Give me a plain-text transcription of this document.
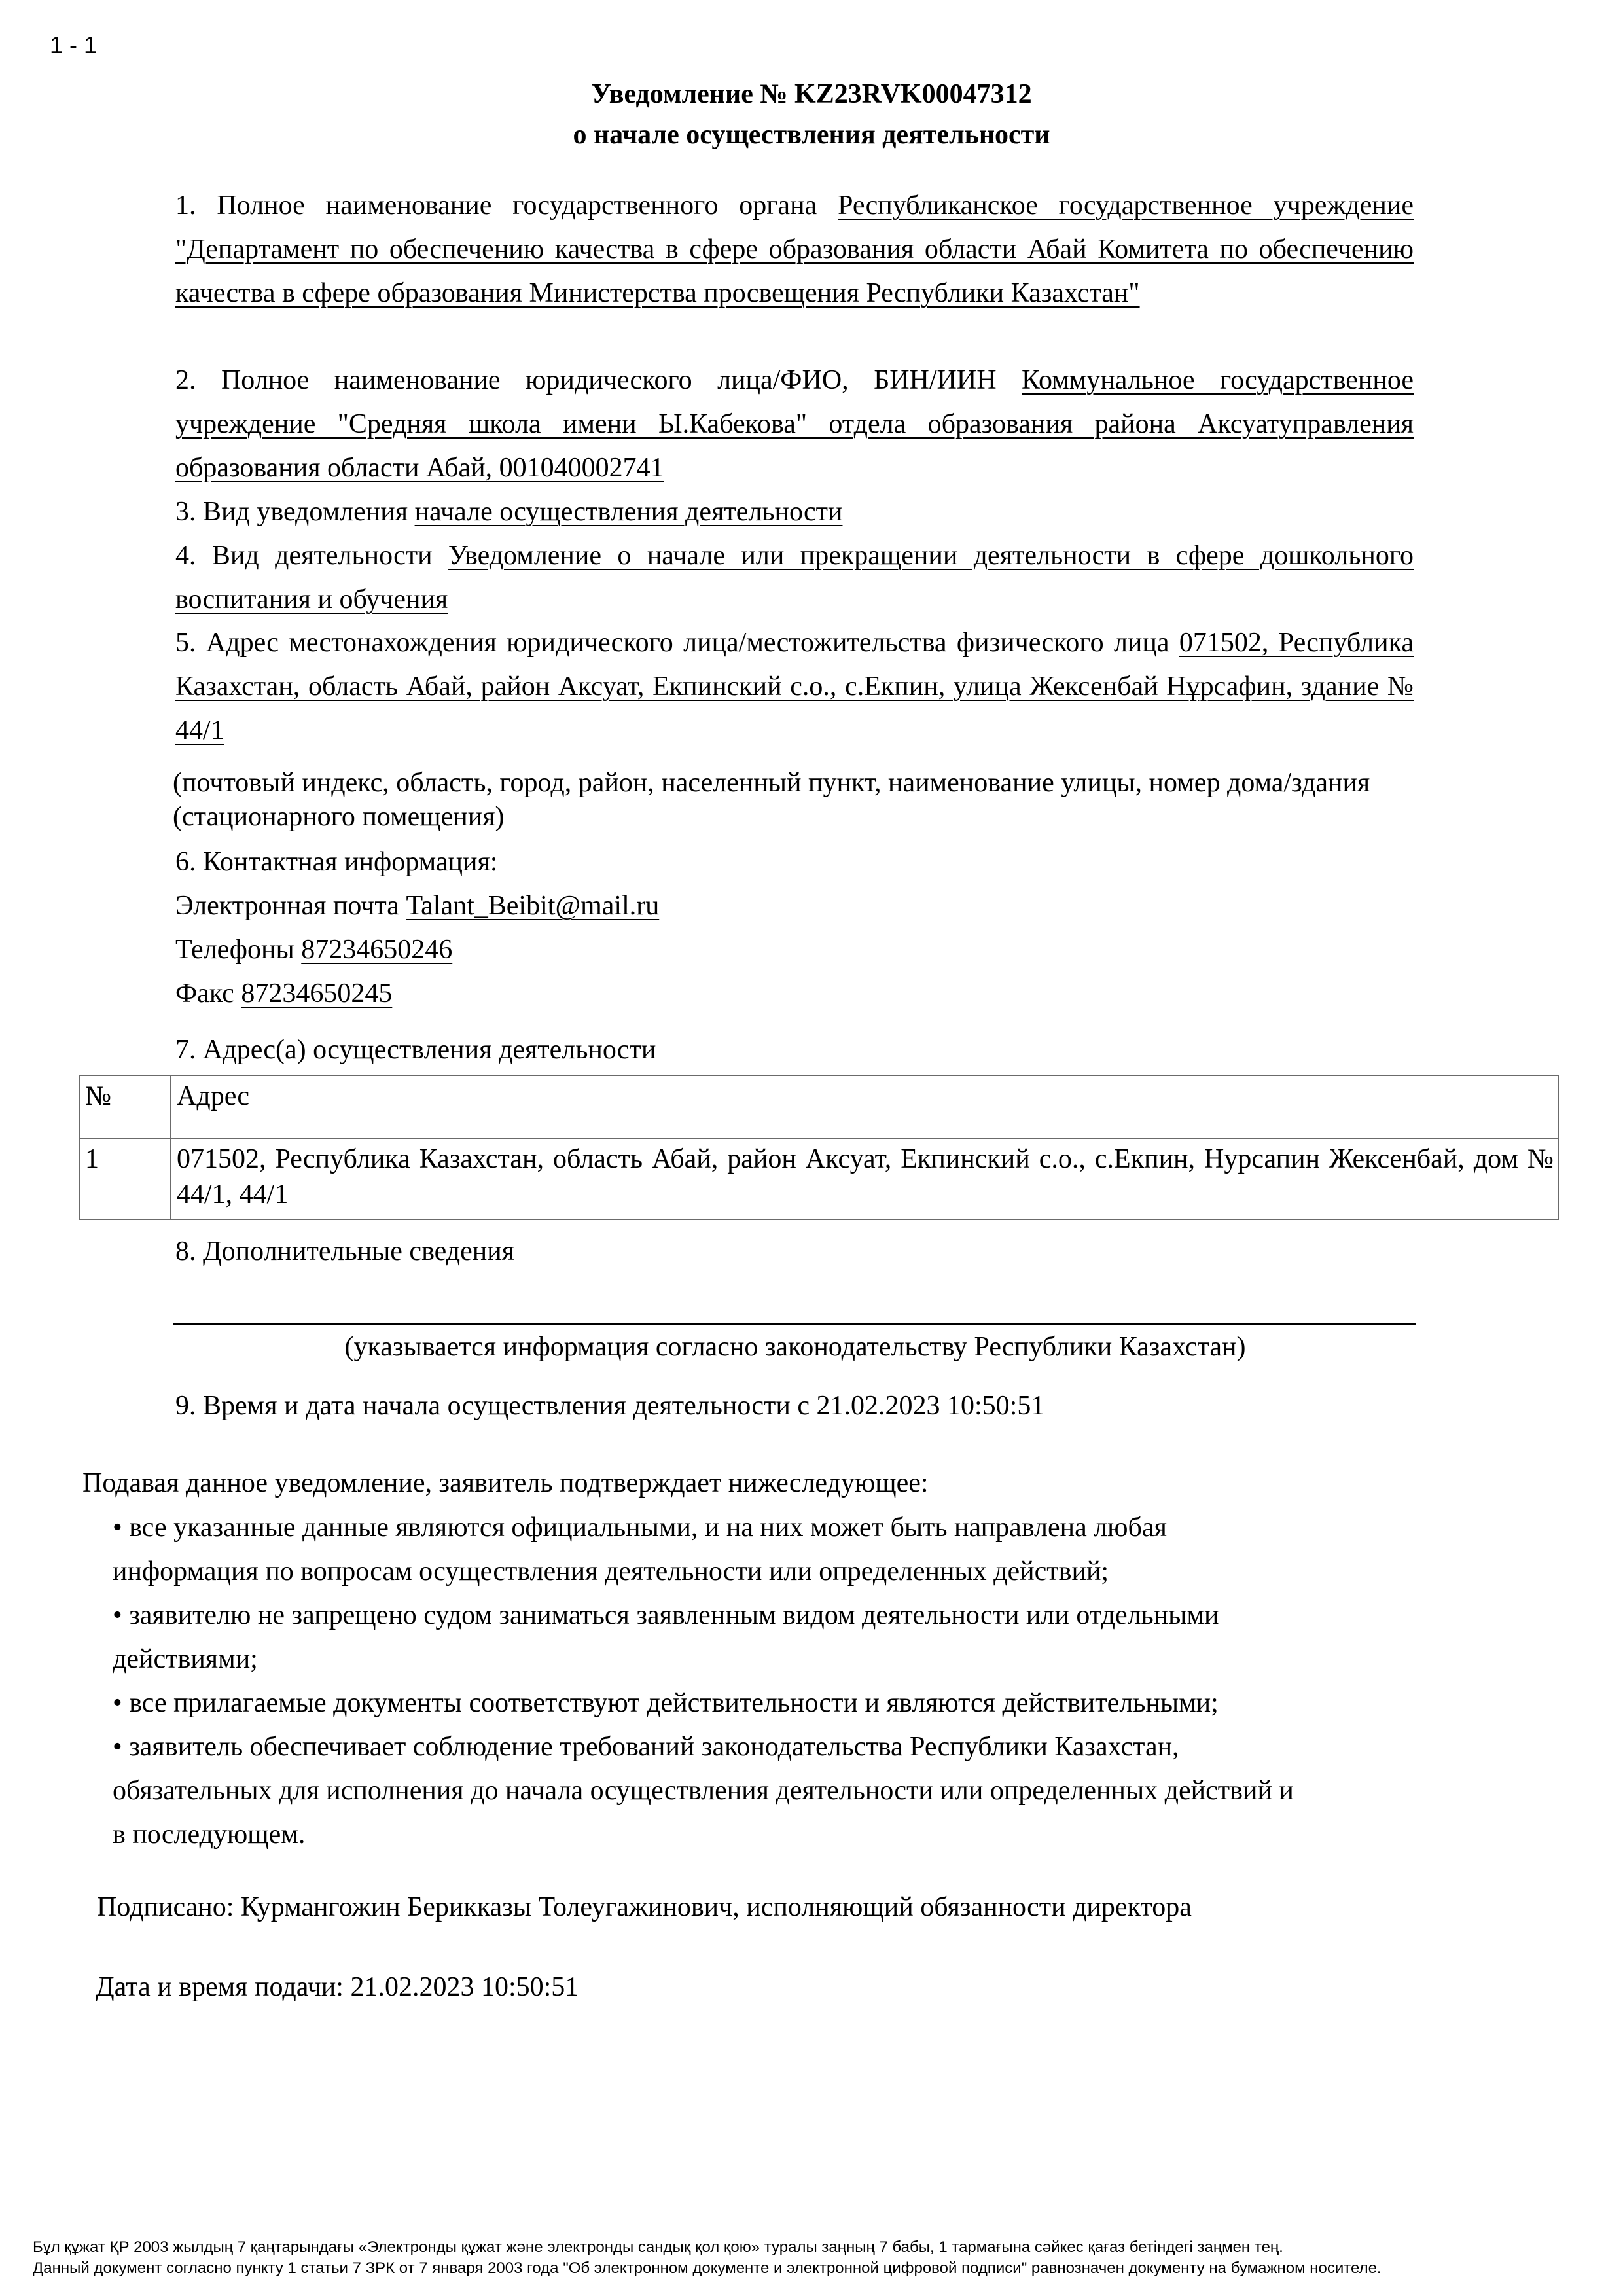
1 - 1
Уведомление № KZ23RVK00047312
о начале осуществления деятельности
1. Полное наименование государственного органа Республиканское государственное учреждение "Департамент по обеспечению качества в сфере образования области Абай Комитета по обеспечению качества в сфере образования Министерства просвещения Республики Казахстан"
2. Полное наименование юридического лица/ФИО, БИН/ИИН Коммунальное государственное учреждение "Средняя школа имени Ы.Кабекова" отдела образования района Аксуатуправления образования области Абай, 001040002741
3. Вид уведомления начале осуществления деятельности
4. Вид деятельности Уведомление о начале или прекращении деятельности в сфере дошкольного воспитания и обучения
5. Адрес местонахождения юридического лица/местожительства физического лица 071502, Республика Казахстан, область Абай, район Аксуат, Екпинский с.о., с.Екпин, улица Жексенбай Нұрсафин, здание № 44/1
(почтовый индекс, область, город, район, населенный пункт, наименование улицы, номер дома/здания (стационарного помещения)
6. Контактная информация:
Электронная почта Talant_Beibit@mail.ru
Телефоны 87234650246
Факс 87234650245
7. Адрес(а) осуществления деятельности
№	Адрес
1	071502, Республика Казахстан, область Абай, район Аксуат, Екпинский с.о., с.Екпин, Нурсапин Жексенбай, дом № 44/1, 44/1
8. Дополнительные сведения
(указывается информация согласно законодательству Республики Казахстан)
9. Время и дата начала осуществления деятельности с 21.02.2023 10:50:51
Подавая данное уведомление, заявитель подтверждает нижеследующее:
• все указанные данные являются официальными, и на них может быть направлена любая
информация по вопросам осуществления деятельности или определенных действий;
• заявителю не запрещено судом заниматься заявленным видом деятельности или отдельными
действиями;
• все прилагаемые документы соответствуют действительности и являются действительными;
• заявитель обеспечивает соблюдение требований законодательства Республики Казахстан,
обязательных для исполнения до начала осуществления деятельности или определенных действий и
в последующем.
Подписано: Курмангожин Берикказы Толеугажинович, исполняющий обязанности директора
Дата и время подачи: 21.02.2023 10:50:51
Бұл құжат ҚР 2003 жылдың 7 қаңтарындағы «Электронды құжат және электронды сандық қол қою» туралы заңның 7 бабы, 1 тармағына сәйкес қағаз бетіндегі заңмен тең.
Данный документ согласно пункту 1 статьи 7 ЗРК от 7 января 2003 года "Об электронном документе и электронной цифровой подписи" равнозначен документу на бумажном носителе.
